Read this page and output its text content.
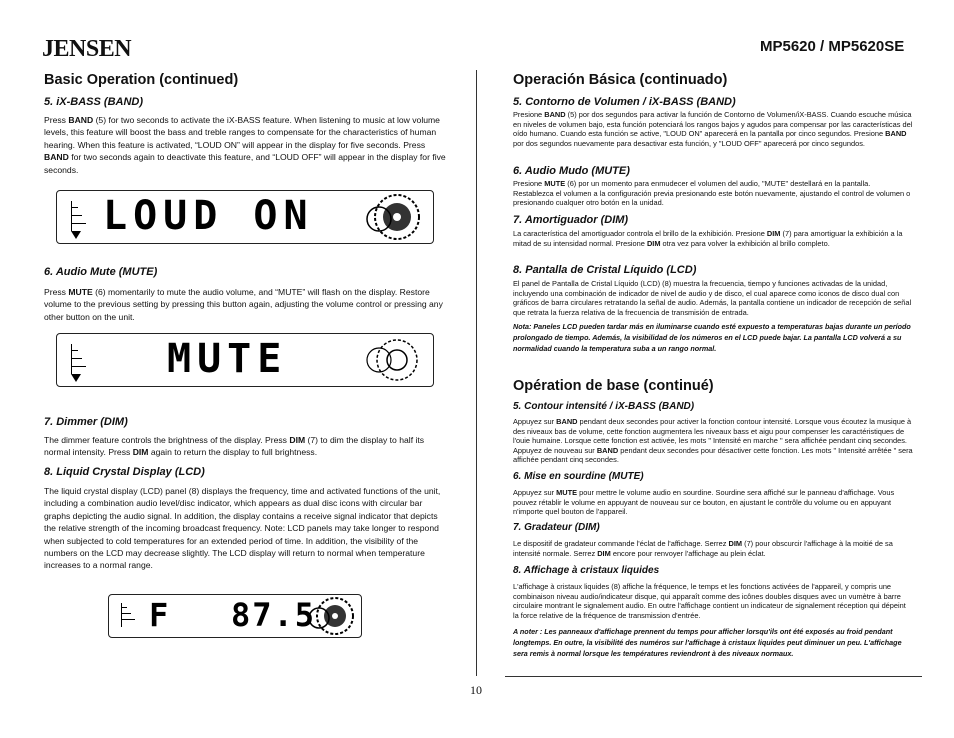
JENSEN	MP5620 / MP5620SE
10
Basic Operation (continued)
5. iX-BASS (BAND)
Press BAND (5) for two seconds to activate the iX-BASS feature. When listening to music at low volume levels, this feature will boost the bass and treble ranges to compensate for the characteristics of human hearing. When this feature is activated, “LOUD ON” will appear in the display for five seconds. Press BAND for two seconds again to deactivate this feature, and “LOUD OFF” will appear in the display for five seconds.
LOUD ON
6. Audio Mute (MUTE)
Press MUTE (6) momentarily to mute the audio volume, and “MUTE” will flash on the display. Restore volume to the previous setting by pressing this button again, adjusting the volume control or pressing any other button on the unit.
MUTE
7. Dimmer (DIM)
The dimmer feature controls the brightness of the display. Press DIM (7) to dim the display to half its normal intensity. Press DIM again to return the display to full brightness.
8. Liquid Crystal Display (LCD)
The liquid crystal display (LCD) panel (8) displays the frequency, time and activated functions of the unit, including a combination audio level/disc indicator, which appears as dual disc icons with circular bar graphs depicting the audio signal. In addition, the display contains a receive signal indicator that depicts the relative strength of the incoming broadcast frequency. Note: LCD panels may take longer to respond when subjected to cold temperatures for an extended period of time. In addition, the visibility of the numbers on the LCD may decrease slightly. The LCD display will return to normal when temperature increases to a normal range.
F 87.5
Operación Básica (continuado)
5. Contorno de Volumen / iX-BASS (BAND)
Presione BAND (5) por dos segundos para activar la función de Contorno de Volumen/iX-BASS. Cuando escuche música en niveles de volumen bajo, esta función potenciará los rangos bajos y agudos para compensar por las características del oído humano. Cuando esta función se active, "LOUD ON" aparecerá en la pantalla por cinco segundos. Presione BAND por dos segundos nuevamente para desactivar esta función, y "LOUD OFF" aparecerá por cinco segundos.
6. Audio Mudo (MUTE)
Presione MUTE (6) por un momento para enmudecer el volumen del audio, "MUTE" destellará en la pantalla. Restablezca el volumen a la configuración previa presionando este botón nuevamente, ajustando el control de volumen o presionando cualquer otro botón en la unidad.
7. Amortiguador (DIM)
La característica del amortiguador controla el brillo de la exhibición. Presione DIM (7) para amortiguar la exhibición a la mitad de su intensidad normal. Presione DIM otra vez para volver la exhibición al brillo completo.
8. Pantalla de Cristal Líquido (LCD)
El panel de Pantalla de Cristal Líquido (LCD) (8) muestra la frecuencia, tiempo y funciones activadas de la unidad, incluyendo una combinación de indicador de nivel de audio y de disco, el cual aparece como iconos de disco dual con gráficos de barra circulares retratando la señal de audio. Además, la pantalla contiene un indicador de recepción de señal que retrata la fuerza relativa de la frecuencia de transmisión de entrada.
Nota: Paneles LCD pueden tardar más en iluminarse cuando esté expuesto a temperaturas bajas durante un período prolongado de tiempo. Además, la visibilidad de los números en el LCD puede bajar. La pantalla LCD volverá a su normalidad cuando la temperatura suba a un rango normal.
Opération de base (continué)
5. Contour intensité / iX-BASS (BAND)
Appuyez sur BAND pendant deux secondes pour activer la fonction contour intensité. Lorsque vous écoutez la musique à des niveaux bas de volume, cette fonction augmentera les niveaux bass et aigu pour compenser les caractéristiques de l'ouie humaine. Lorsque cette fonction est activée, les mots " Intensité en marche " sera affichée pendant cinq secondes. Appuyez de nouveau sur BAND pendant deux secondes pour désactiver cette fonction. Les mots " Intensité arrêtée " sera affichée pendant cinq secondes.
6. Mise en sourdine (MUTE)
Appuyez sur MUTE pour mettre le volume audio en sourdine. Sourdine sera affiché sur le panneau d'affichage. Vous pouvez rétablir le volume en appuyant de nouveau sur ce bouton, en ajustant le contrôle du volume ou en appuyant n'importe quel bouton de l'appareil.
7. Gradateur (DIM)
Le dispositif de gradateur commande l'éclat de l'affichage. Serrez DIM (7) pour obscurcir l'affichage à la moitié de sa intensité normale. Serrez DIM encore pour renvoyer l'affichage au plein éclat.
8. Affichage à cristaux liquides
L'affichage à cristaux liquides (8) affiche la fréquence, le temps et les fonctions activées de l'appareil, y compris une combinaison niveau audio/indicateur disque, qui apparaît comme des icônes doubles disques avec un vumètre à barre circulaire montrant le signalement audio. En outre l'affichage contient un indicateur de signalement réception qui dépeint la force relative de la fréquence de transmission d'entrée.
A noter : Les panneaux d'affichage prennent du temps pour afficher lorsqu'ils ont été exposés au froid pendant longtemps. En outre, la visibilité des numéros sur l'affichage à cristaux liquides peut diminuer un peu. L'affichage sera remis à normal lorsque les températures reviendront à des niveaux normaux.
